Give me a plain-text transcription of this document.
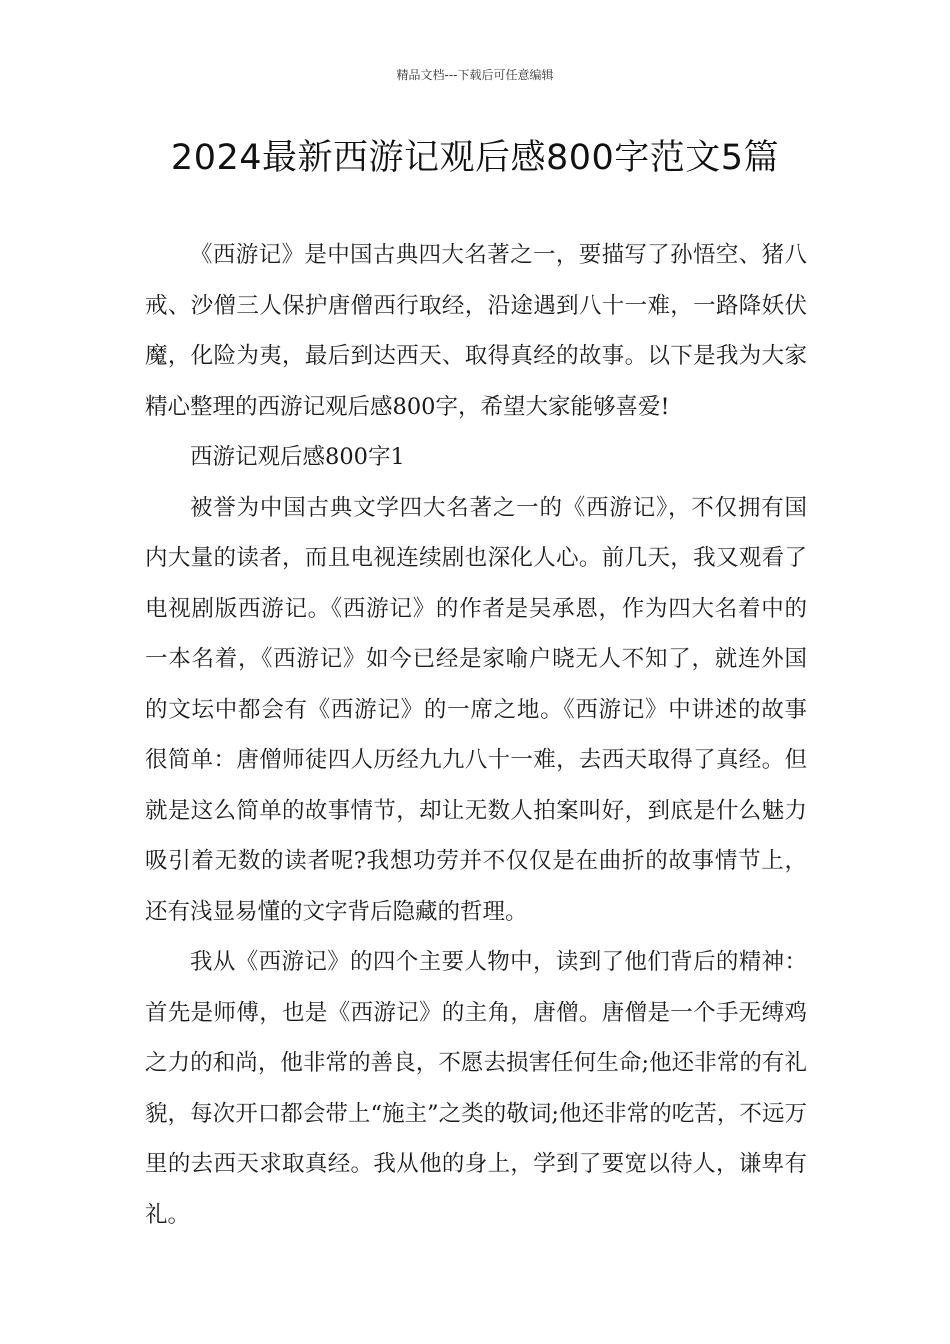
精品文档---下载后可任意编辑
2024最新西游记观后感800字范文5篇

《西游记》是中国古典四大名著之一，要描写了孙悟空、猪八戒、沙僧三人保护唐僧西行取经，沿途遇到八十一难，一路降妖伏魔，化险为夷，最后到达西天、取得真经的故事。以下是我为大家精心整理的西游记观后感800字，希望大家能够喜爱!

西游记观后感800字1

被誉为中国古典文学四大名著之一的《西游记》，不仅拥有国内大量的读者，而且电视连续剧也深化人心。前几天，我又观看了电视剧版西游记。《西游记》的作者是吴承恩，作为四大名着中的一本名着，《西游记》如今已经是家喻户晓无人不知了，就连外国的文坛中都会有《西游记》的一席之地。《西游记》中讲述的故事很简单：唐僧师徒四人历经九九八十一难，去西天取得了真经。但就是这么简单的故事情节，却让无数人拍案叫好，到底是什么魅力吸引着无数的读者呢?我想功劳并不仅仅是在曲折的故事情节上，还有浅显易懂的文字背后隐藏的哲理。

我从《西游记》的四个主要人物中，读到了他们背后的精神：首先是师傅，也是《西游记》的主角，唐僧。唐僧是一个手无缚鸡之力的和尚，他非常的善良，不愿去损害任何生命;他还非常的有礼貌，每次开口都会带上“施主”之类的敬词;他还非常的吃苦，不远万里的去西天求取真经。我从他的身上，学到了要宽以待人，谦卑有礼。
